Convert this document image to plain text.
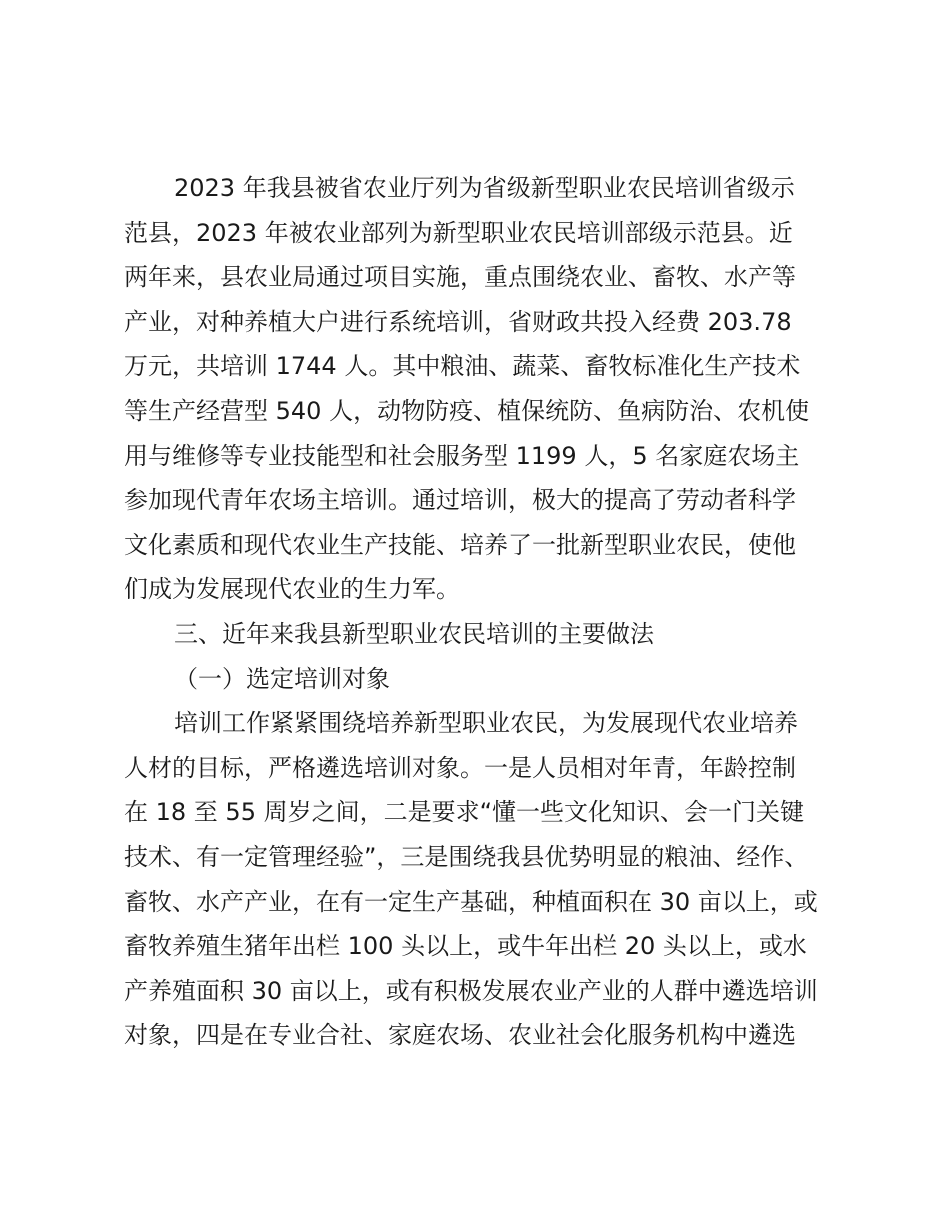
2023 年我县被省农业厅列为省级新型职业农民培训省级示
范县，2023 年被农业部列为新型职业农民培训部级示范县。近
两年来，县农业局通过项目实施，重点围绕农业、畜牧、水产等
产业，对种养植大户进行系统培训，省财政共投入经费 203.78
万元，共培训 1744 人。其中粮油、蔬菜、畜牧标准化生产技术
等生产经营型 540 人，动物防疫、植保统防、鱼病防治、农机使
用与维修等专业技能型和社会服务型 1199 人，5 名家庭农场主
参加现代青年农场主培训。通过培训，极大的提高了劳动者科学
文化素质和现代农业生产技能、培养了一批新型职业农民，使他
们成为发展现代农业的生力军。
三、近年来我县新型职业农民培训的主要做法
（一）选定培训对象
培训工作紧紧围绕培养新型职业农民，为发展现代农业培养
人材的目标，严格遴选培训对象。一是人员相对年青，年龄控制
在 18 至 55 周岁之间，二是要求“懂一些文化知识、会一门关键
技术、有一定管理经验”，三是围绕我县优势明显的粮油、经作、
畜牧、水产产业，在有一定生产基础，种植面积在 30 亩以上，或
畜牧养殖生猪年出栏 100 头以上，或牛年出栏 20 头以上，或水
产养殖面积 30 亩以上，或有积极发展农业产业的人群中遴选培训
对象，四是在专业合社、家庭农场、农业社会化服务机构中遴选
